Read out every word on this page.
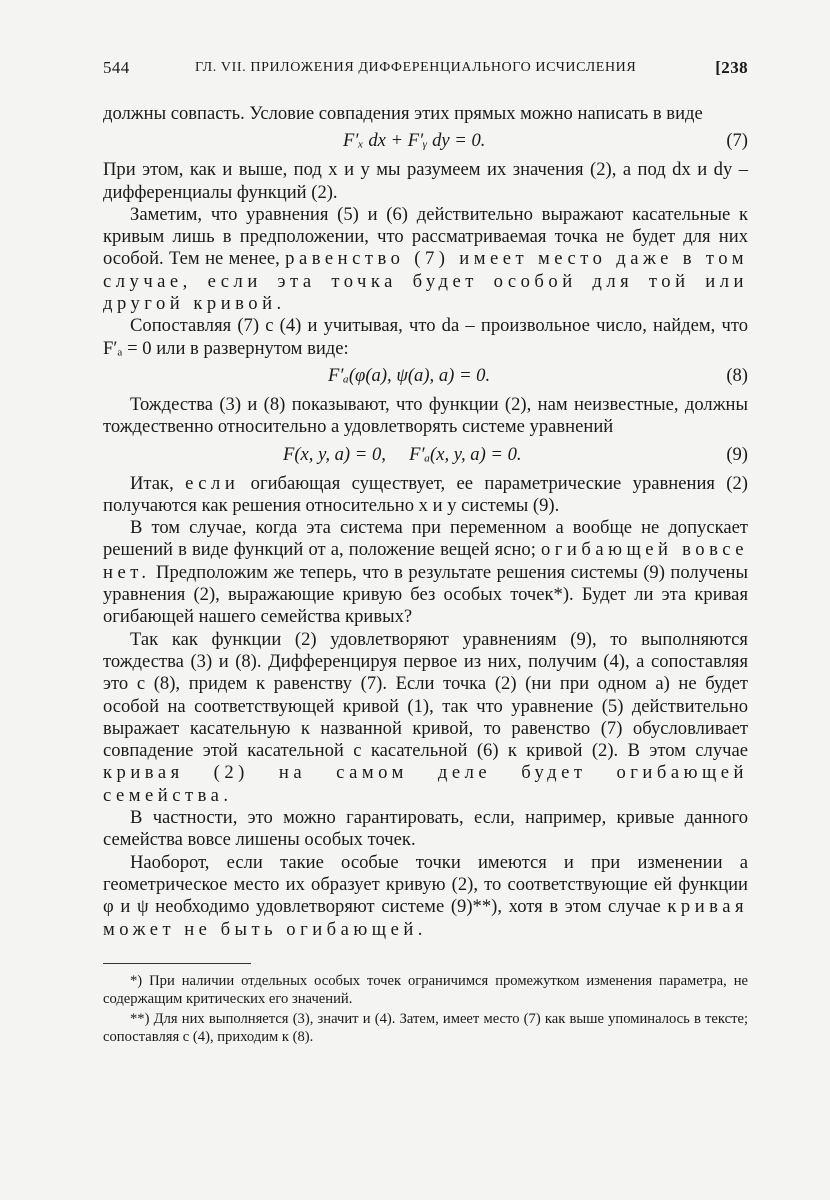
544	ГЛ. VII. ПРИЛОЖЕНИЯ ДИФФЕРЕНЦИАЛЬНОГО ИСЧИСЛЕНИЯ	[238

должны совпасть. Условие совпадения этих прямых можно написать в виде

F′ₓ dx + F′ᵧ dy = 0.	(7)

При этом, как и выше, под x и y мы разумеем их значения (2), а под dx и dy – дифференциалы функций (2).

Заметим, что уравнения (5) и (6) действительно выражают касательные к кривым лишь в предположении, что рассматриваемая точка не будет для них особой. Тем не менее, равенство (7) имеет место даже в том случае, если эта точка будет особой для той или другой кривой.

Сопоставляя (7) с (4) и учитывая, что da – произвольное число, найдем, что F′ₐ = 0 или в развернутом виде:

F′ₐ(φ(a), ψ(a), a) = 0.	(8)

Тождества (3) и (8) показывают, что функции (2), нам неизвестные, должны тождественно относительно a удовлетворять системе уравнений

F(x, y, a) = 0,     F′ₐ(x, y, a) = 0.	(9)

Итак, если огибающая существует, ее параметрические уравнения (2) получаются как решения относительно x и y системы (9).

В том случае, когда эта система при переменном a вообще не допускает решений в виде функций от a, положение вещей ясно; огибающей вовсе нет. Предположим же теперь, что в результате решения системы (9) получены уравнения (2), выражающие кривую без особых точек*). Будет ли эта кривая огибающей нашего семейства кривых?

Так как функции (2) удовлетворяют уравнениям (9), то выполняются тождества (3) и (8). Дифференцируя первое из них, получим (4), а сопоставляя это с (8), придем к равенству (7). Если точка (2) (ни при одном a) не будет особой на соответствующей кривой (1), так что уравнение (5) действительно выражает касательную к названной кривой, то равенство (7) обусловливает совпадение этой касательной с касательной (6) к кривой (2). В этом случае кривая (2) на самом деле будет огибающей семейства.

В частности, это можно гарантировать, если, например, кривые данного семейства вовсе лишены особых точек.

Наоборот, если такие особые точки имеются и при изменении a геометрическое место их образует кривую (2), то соответствующие ей функции φ и ψ необходимо удовлетворяют системе (9)**), хотя в этом случае кривая может не быть огибающей.

*) При наличии отдельных особых точек ограничимся промежутком изменения параметра, не содержащим критических его значений.

**) Для них выполняется (3), значит и (4). Затем, имеет место (7) как выше упоминалось в тексте; сопоставляя с (4), приходим к (8).
